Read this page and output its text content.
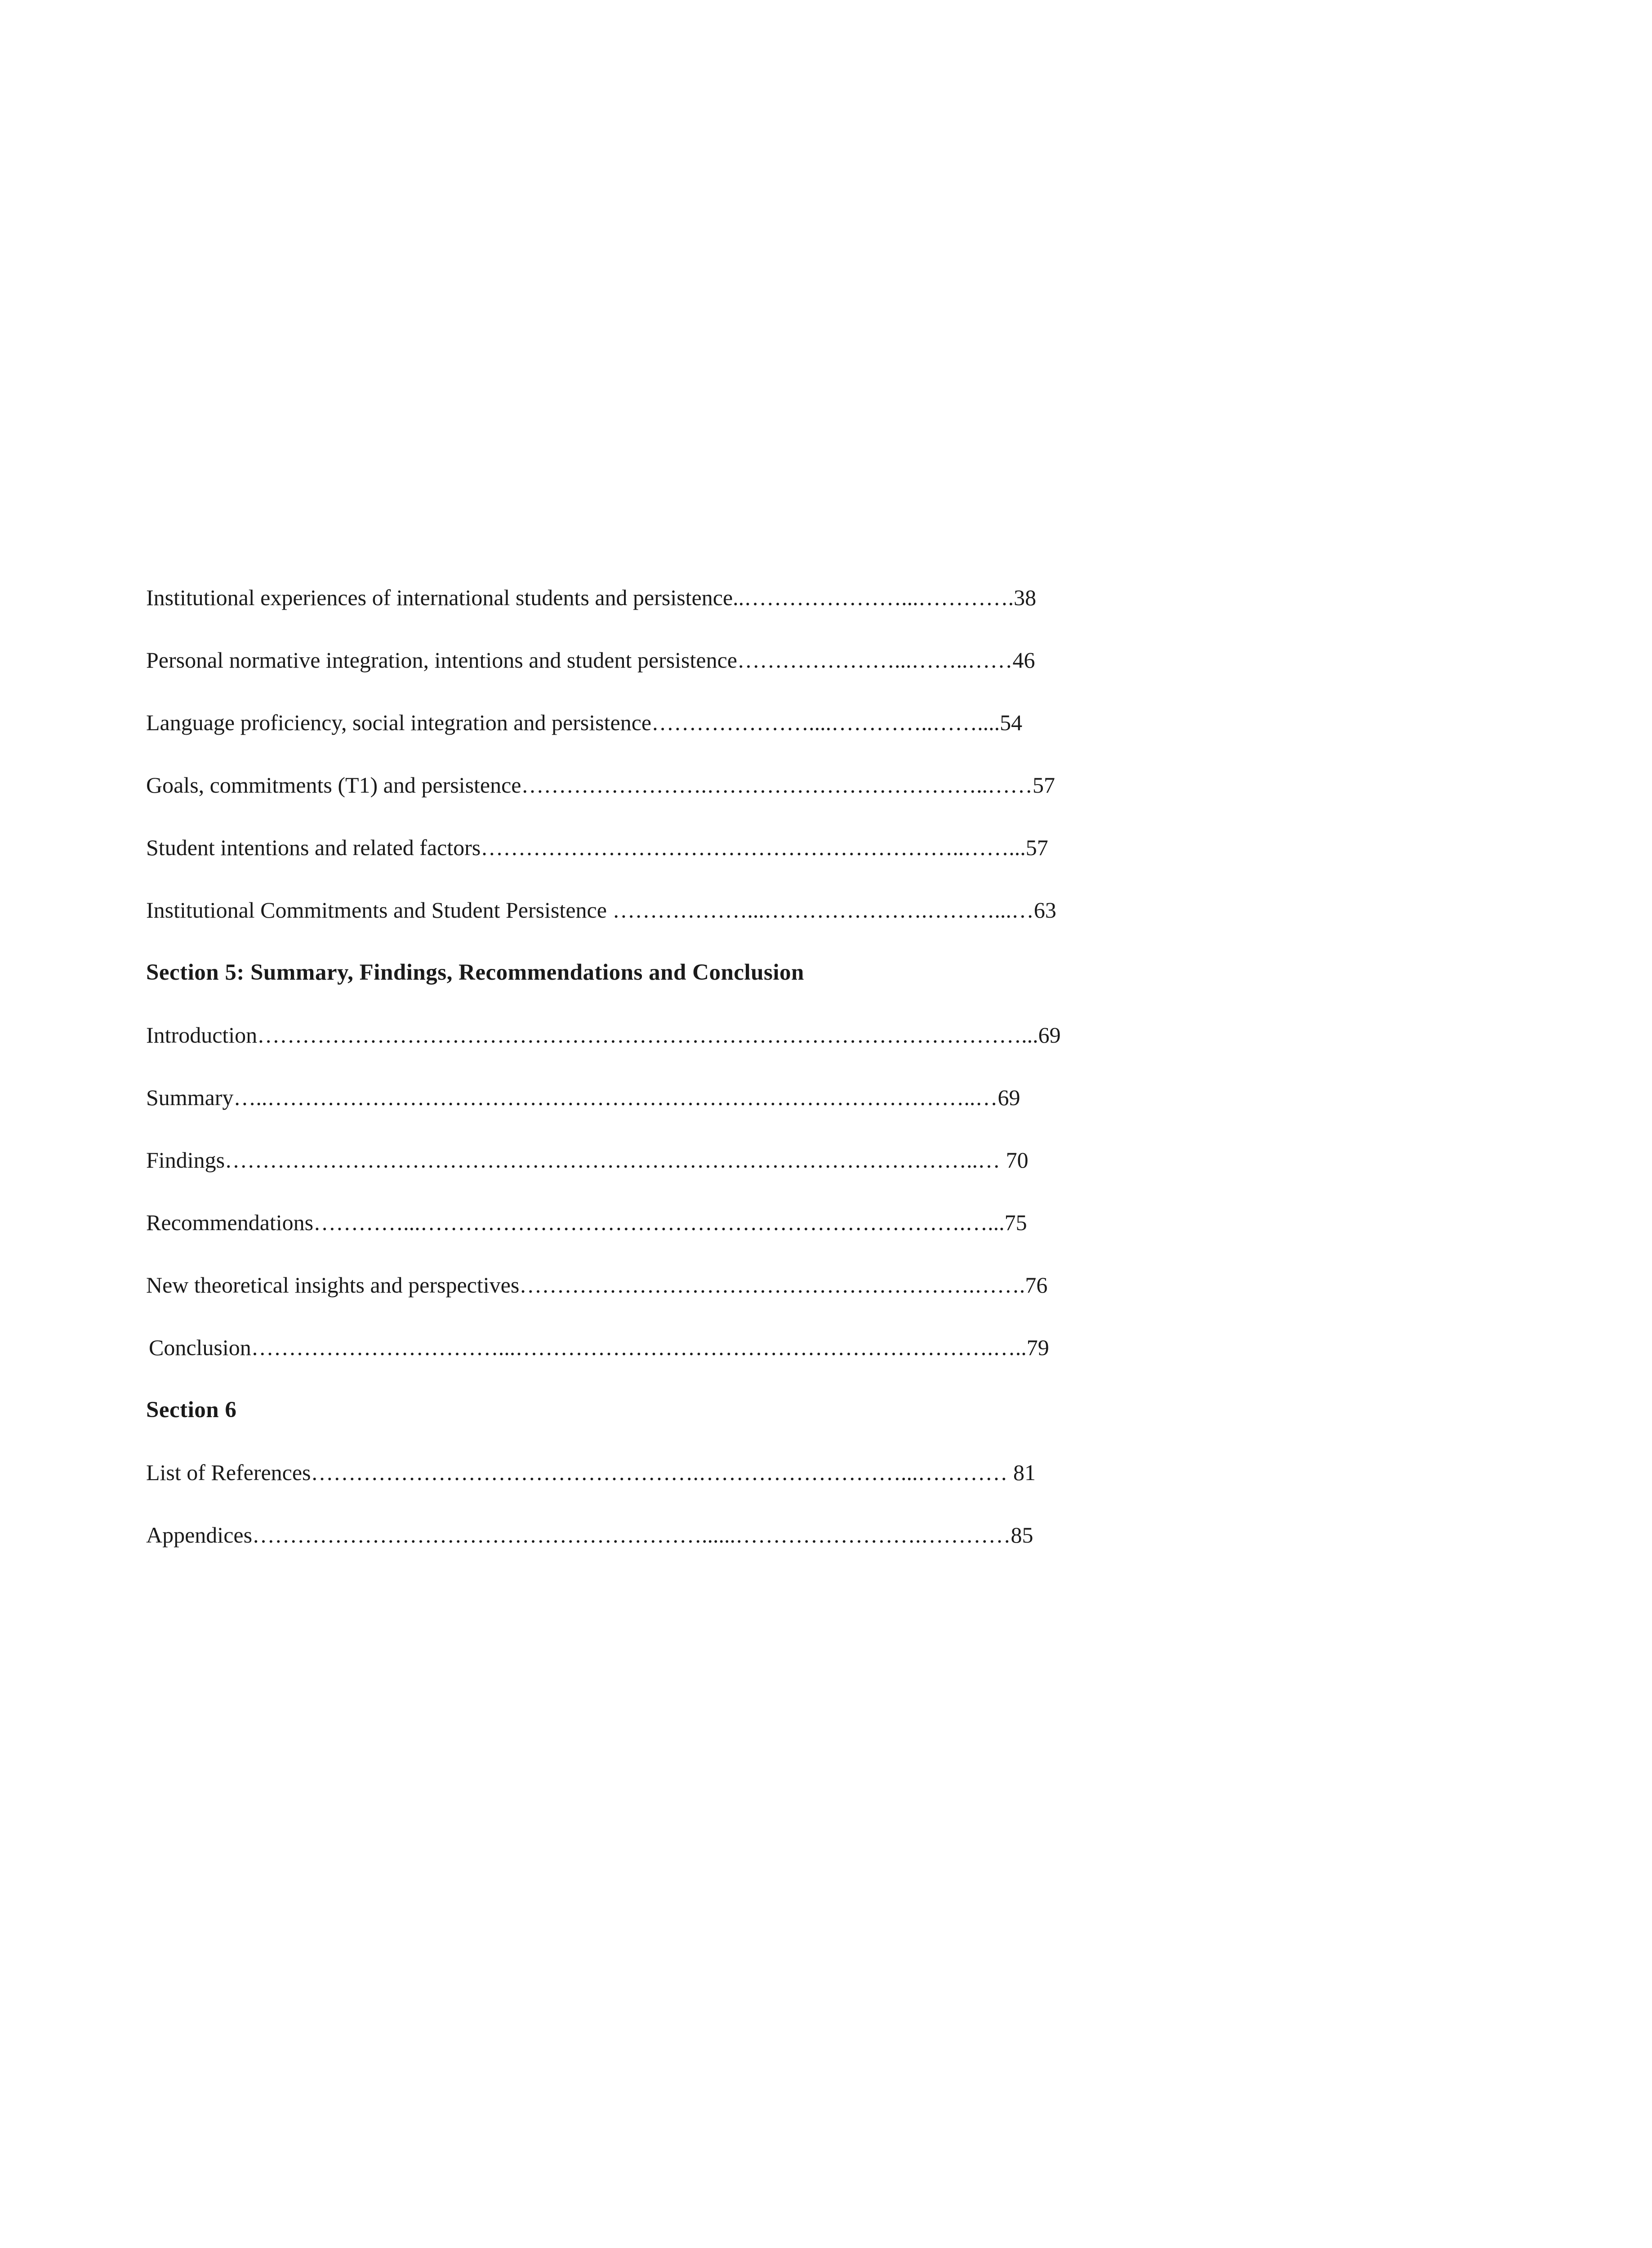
Institutional experiences of international students and persistence..…………………...…………. 38
Personal normative integration, intentions and student persistence…………………...……..…… 46
Language proficiency, social integration and persistence…………………....…………..…….... 54
Goals, commitments (T1) and persistence…………………….………………………………..…… 57
Student intentions and related factors………………………………………………………..……... 57
Institutional Commitments and Student Persistence ………………...………………….………...… 63
Section 5: Summary, Findings, Recommendations and Conclusion
Introduction…………………………………………………………………………………………... 69
Summary…..…………………………………………………………………………………..… 69
Findings………………………………………………………………………………………..… 70
Recommendations…………...……………………………………………………………….…... 75
New theoretical insights and perspectives…………………………………………………….……. 76
Conclusion……………………………...……………………………………………………….….. 79
Section 6
List of References…………………………………………….………………………...………… 81
Appendices……………………………………………………......…………………….………… 85
